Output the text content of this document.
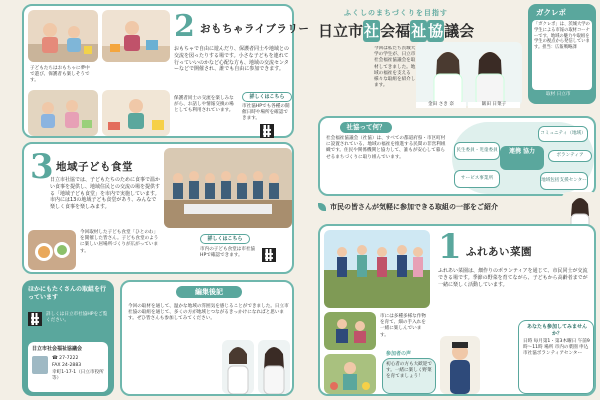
2 おもちゃライブラリー
おもちゃで自由に遊んだり、保護者同士や地域との交流を図ったりする場です。小さな子どもを連れて行っていいのかなど心配な方も、地域の交流センターなどで開催され、誰でも自由に参加できます。
子どもたちはおもちゃに夢中で遊び、保護者も楽しそうです。
保護者同士の交流を楽しみながら、お話しや情報交換の場としても利用されています。
詳しくはこちら
市社協HPでも各種の開催日時や場所を確認できます。
3 地域子ども食堂
日立市社協では、子どもたちのために食事で温かい食事を提供し、地域住民との交流の場を提供する「地域子ども食堂」を市内で実施しています。市内には13の地域子ども食堂があり、みんなで楽しく食事を楽しみます。
今回取材した子ども食堂「ひとのわ」を開催した皆さん。子ども食堂のように楽しい居場所づくりが広がっています。
詳しくはこちら
市内の子ども食堂は市社協HPで確認できます。
ほかにもたくさんの取組を行っています
詳しくは日立市社協HPをご覧ください。
日立市社会福祉協議会
☎ 27-7222
FAX 24-2883
幸町1-17-1（日立市役所等）
編集後記
今回の取材を通して、温かな地域の雰囲気を感じることができました。日立市社協の取組を通じて、多くの方が地域とつながるきっかけになればと思います。ぜひ皆さんも参加してみてください。
ふくしのまちづくりを目指す
日 立 市 社 会 福 祉 協 議 会
ガクレポ
「ガクレポ」は、茨城大学の学生による市報の取材コーナーです。地域の魅力や取組を学生の視点から発信しています。担当：広報戦略課
取材 日立市
今回は私たち茨城大学の学生が、日立市社会福祉協議会を取材してきました。地域の福祉を支える様々な取組を紹介します。
金田 さき 奈	飯田 日菜子
社協って何？
社会福祉協議会（社協）は、すべての都道府県・市区町村に設置されている、地域の福祉を推進する民間の非営利組織です。住民や関係機関と協力して、誰もが安心して暮らせるまちづくりに取り組んでいます。
連携 協力
コミュニティ（地域）
ボランティア
地域包括支援センター
サービス事業所
民生委員・児童委員
市民の皆さんが気軽に参加できる取組の一部をご紹介
1 ふれあい菜園
ふれあい菜園は、畑作りのボランティアを通じて、市民同士が交流できる場です。季節の野菜を育てながら、子どもから高齢者までが一緒に楽しく活動しています。
市には多種多様な作物を育て、畑の手入れを一緒に楽しんでいます。
参加者の声
初心者の方も大歓迎です。一緒に楽しく野菜を育てましょう！
あなたも参加してみませんか？
日時 毎月第1・第3木曜日 午前9時〜11時 場所 市内の菜園 申込 市社協ボランティアセンター
